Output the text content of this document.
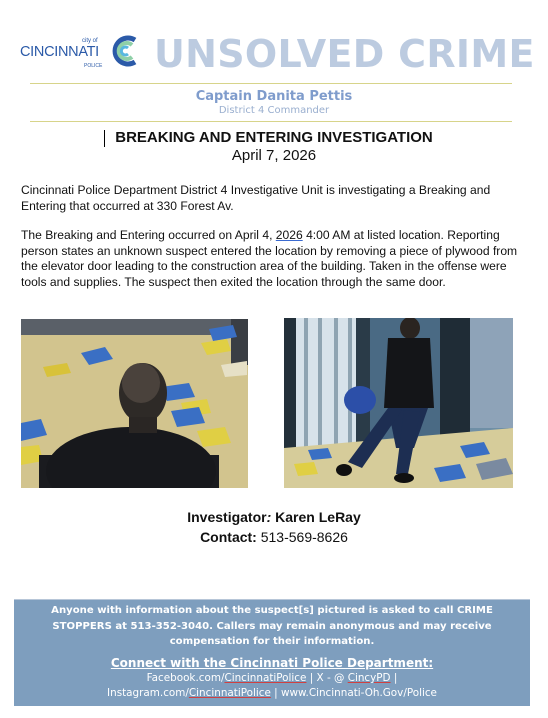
city of
CINCINNATI
POLICE UNSOLVED CRIME
Captain Danita Pettis
District 4 Commander
BREAKING AND ENTERING INVESTIGATION
April 7, 2026
Cincinnati Police Department District 4 Investigative Unit is investigating a Breaking and Entering that occurred at 330 Forest Av.
The Breaking and Entering occurred on April 4, 2026 4:00 AM at listed location. Reporting person states an unknown suspect entered the location by removing a piece of plywood from the elevator door leading to the construction area of the building. Taken in the offense were tools and supplies. The suspect then exited the location through the same door.
Investigator: Karen LeRay
Contact: 513-569-8626
Anyone with information about the suspect[s] pictured is asked to call CRIME STOPPERS at 513-352-3040. Callers may remain anonymous and may receive compensation for their information.
Connect with the Cincinnati Police Department:
Facebook.com/CincinnatiPolice | X - @ CincyPD |
Instagram.com/CincinnatiPolice | www.Cincinnati-Oh.Gov/Police
